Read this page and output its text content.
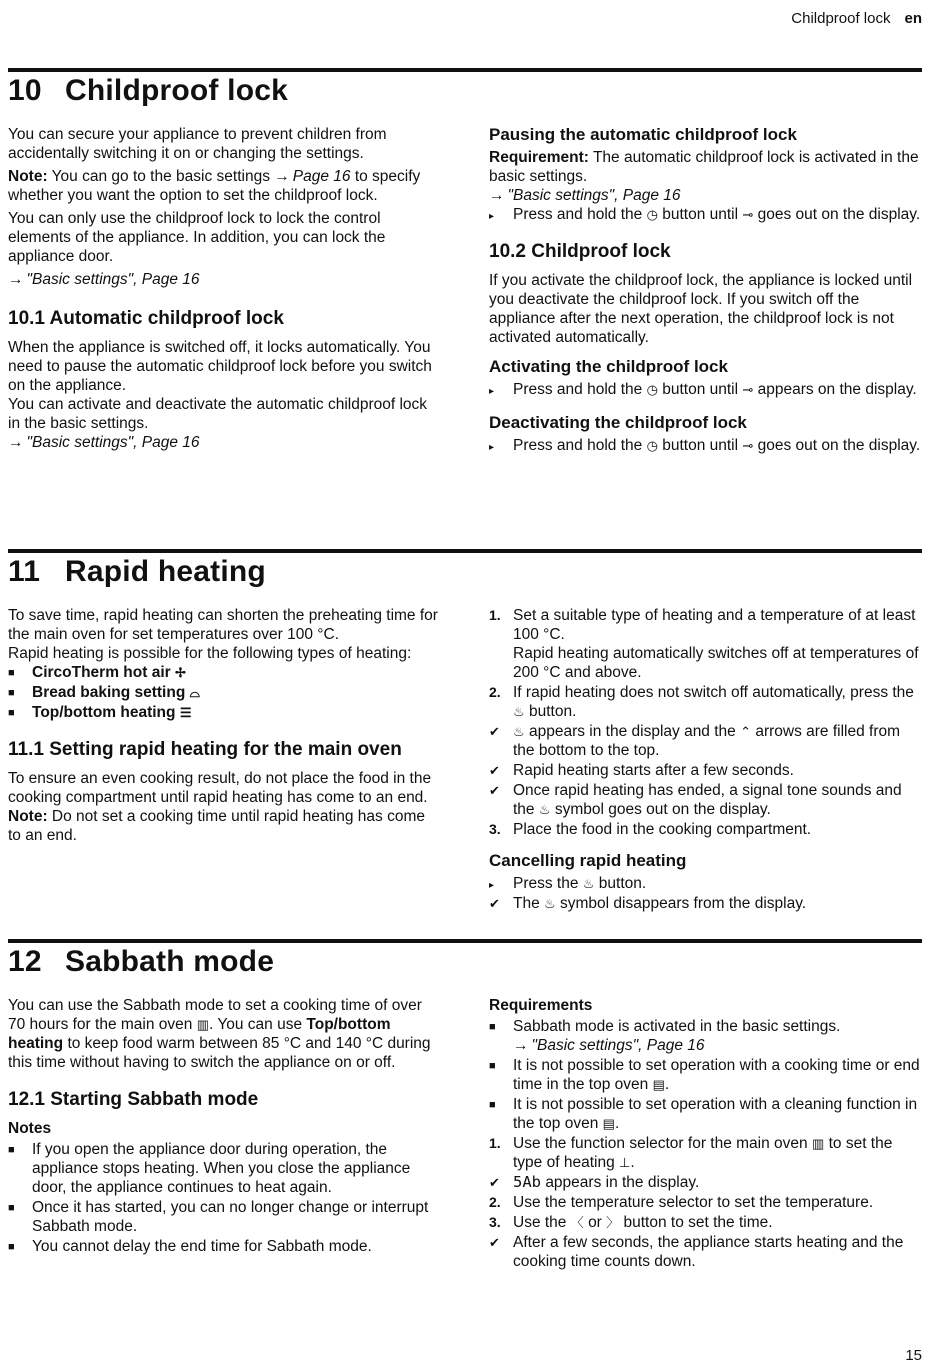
Childproof lock en
10 Childproof lock

You can secure your appliance to prevent children from accidentally switching it on or changing the settings.

Note: You can go to the basic settings → Page 16 to specify whether you want the option to set the childproof lock.

You can only use the childproof lock to lock the control elements of the appliance. In addition, you can lock the appliance door.

→ "Basic settings", Page 16

10.1 Automatic childproof lock

When the appliance is switched off, it locks automatically. You need to pause the automatic childproof lock before you switch on the appliance.

You can activate and deactivate the automatic childproof lock in the basic settings.

→ "Basic settings", Page 16

Pausing the automatic childproof lock

Requirement: The automatic childproof lock is activated in the basic settings.

→ "Basic settings", Page 16

▸	Press and hold the ◷ button until ⊸ goes out on the display.
10.2 Childproof lock

If you activate the childproof lock, the appliance is locked until you deactivate the childproof lock. If you switch off the appliance after the next operation, the childproof lock is not activated automatically.

Activating the childproof lock
▸	Press and hold the ◷ button until ⊸ appears on the display.
Deactivating the childproof lock
▸	Press and hold the ◷ button until ⊸ goes out on the display.
11 Rapid heating

To save time, rapid heating can shorten the preheating time for the main oven for set temperatures over 100 °C.

Rapid heating is possible for the following types of heating:

■	CircoTherm hot air ✢
■	Bread baking setting ⌓
■	Top/bottom heating ☰
11.1 Setting rapid heating for the main oven

To ensure an even cooking result, do not place the food in the cooking compartment until rapid heating has come to an end.

Note: Do not set a cooking time until rapid heating has come to an end.

1. Set a suitable type of heating and a temperature of at least 100 °C.
Rapid heating automatically switches off at temperatures of 200 °C and above.
2. If rapid heating does not switch off automatically, press the ♨ button.
✔	♨ appears in the display and the ⌃ arrows are filled from the bottom to the top.
✔ Rapid heating starts after a few seconds.
✔ Once rapid heating has ended, a signal tone sounds and the ♨ symbol goes out on the display.
3. Place the food in the cooking compartment.
Cancelling rapid heating
▸	Press the ♨ button.
✔ The ♨ symbol disappears from the display.
12 Sabbath mode

You can use the Sabbath mode to set a cooking time of over 70 hours for the main oven ▥. You can use Top/bottom heating to keep food warm between 85 °C and 140 °C during this time without having to switch the appliance on or off.

12.1 Starting Sabbath mode
Notes
■	If you open the appliance door during operation, the appliance stops heating. When you close the appliance door, the appliance continues to heat again.
■	Once it has started, you can no longer change or interrupt Sabbath mode.
■	You cannot delay the end time for Sabbath mode.
Requirements
■	Sabbath mode is activated in the basic settings.
→ "Basic settings", Page 16
■	It is not possible to set operation with a cooking time or end time in the top oven ▤.
■	It is not possible to set operation with a cleaning function in the top oven ▤.
1. Use the function selector for the main oven ▥ to set the type of heating ⊥.
✔ 5Ab appears in the display.
2. Use the temperature selector to set the temperature.
3. Use the 〈 or 〉 button to set the time.
✔ After a few seconds, the appliance starts heating and the cooking time counts down.
15
